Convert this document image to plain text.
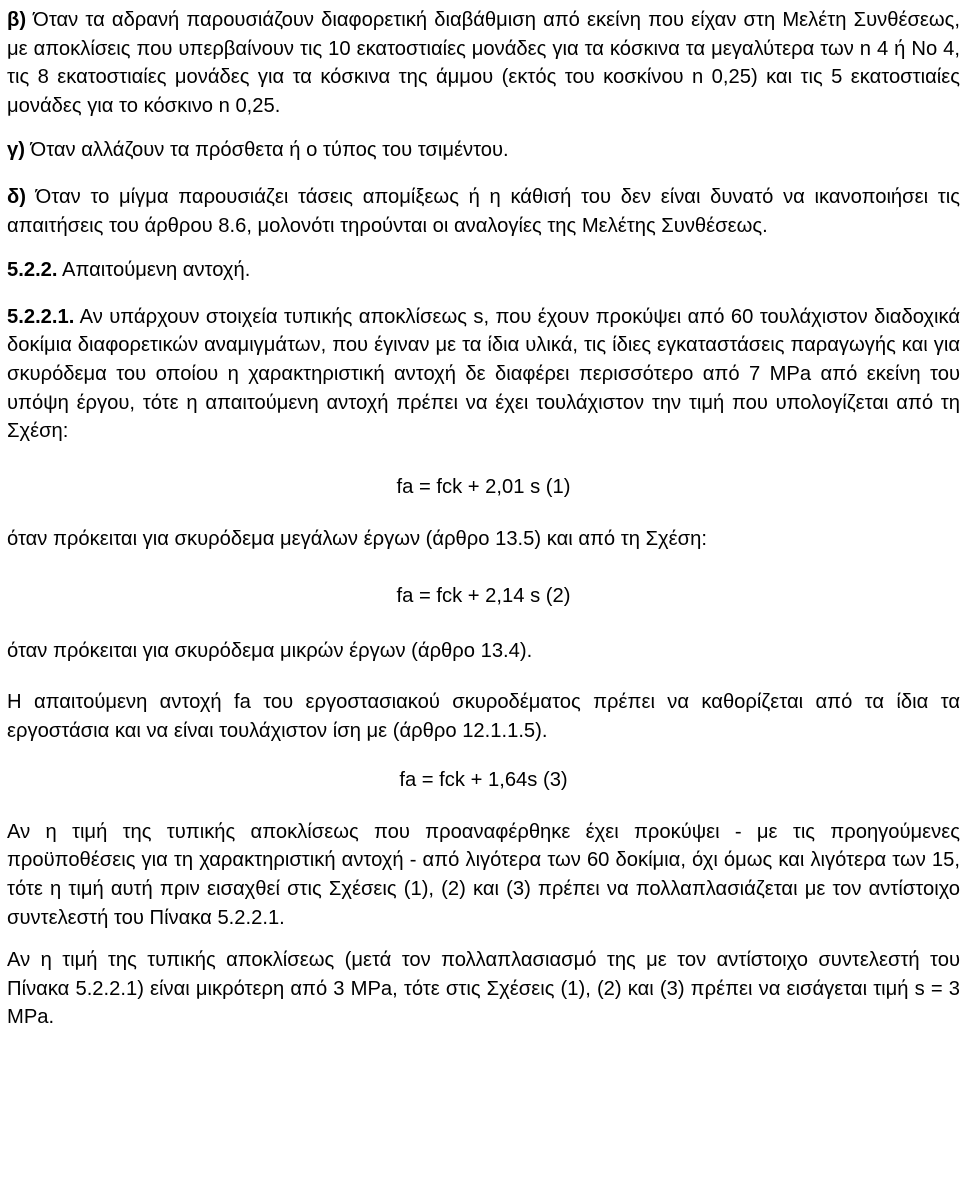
β) Όταν τα αδρανή παρουσιάζουν διαφορετική διαβάθμιση από εκείνη που είχαν στη Μελέτη Συνθέσεως, με αποκλίσεις που υπερβαίνουν τις 10 εκατοστιαίες μονάδες για τα κόσκινα τα μεγαλύτερα των n 4 ή Νο 4, τις 8 εκατοστιαίες μονάδες για τα κόσκινα της άμμου (εκτός του κοσκίνου n 0,25) και τις 5 εκατοστιαίες μονάδες για το κόσκινο n 0,25.

γ) Όταν αλλάζουν τα πρόσθετα ή ο τύπος του τσιμέντου.

δ) Όταν το μίγμα παρουσιάζει τάσεις απομίξεως ή η κάθισή του δεν είναι δυνατό να ικανοποιήσει τις απαιτήσεις του άρθρου 8.6, μολονότι τηρούνται οι αναλογίες της Μελέτης Συνθέσεως.

5.2.2. Απαιτούμενη αντοχή.

5.2.2.1. Αν υπάρχουν στοιχεία τυπικής αποκλίσεως s, που έχουν προκύψει από 60 τουλάχιστον διαδοχικά δοκίμια διαφορετικών αναμιγμάτων, που έγιναν με τα ίδια υλικά, τις ίδιες εγκαταστάσεις παραγωγής και για σκυρόδεμα του οποίου η χαρακτηριστική αντοχή δε διαφέρει περισσότερο από 7 MPa από εκείνη του υπόψη έργου, τότε η απαιτούμενη αντοχή πρέπει να έχει τουλάχιστον την τιμή που υπολογίζεται από τη Σχέση:

fa = fck + 2,01 s (1)

όταν πρόκειται για σκυρόδεμα μεγάλων έργων (άρθρο 13.5) και από τη Σχέση:

fa = fck + 2,14 s (2)

όταν πρόκειται για σκυρόδεμα μικρών έργων (άρθρο 13.4).

Η απαιτούμενη αντοχή fa του εργοστασιακού σκυροδέματος πρέπει να καθορίζεται από τα ίδια τα εργοστάσια και να είναι τουλάχιστον ίση με (άρθρο 12.1.1.5).

fa = fck + 1,64s (3)

Αν η τιμή της τυπικής αποκλίσεως που προαναφέρθηκε έχει προκύψει - με τις προηγούμενες προϋποθέσεις για τη χαρακτηριστική αντοχή - από λιγότερα των 60 δοκίμια, όχι όμως και λιγότερα των 15, τότε η τιμή αυτή πριν εισαχθεί στις Σχέσεις (1), (2) και (3) πρέπει να πολλαπλασιάζεται με τον αντίστοιχο συντελεστή του Πίνακα 5.2.2.1.

Αν η τιμή της τυπικής αποκλίσεως (μετά τον πολλαπλασιασμό της με τον αντίστοιχο συντελεστή του Πίνακα 5.2.2.1) είναι μικρότερη από 3 MPa, τότε στις Σχέσεις (1), (2) και (3) πρέπει να εισάγεται τιμή s = 3 MPa.
